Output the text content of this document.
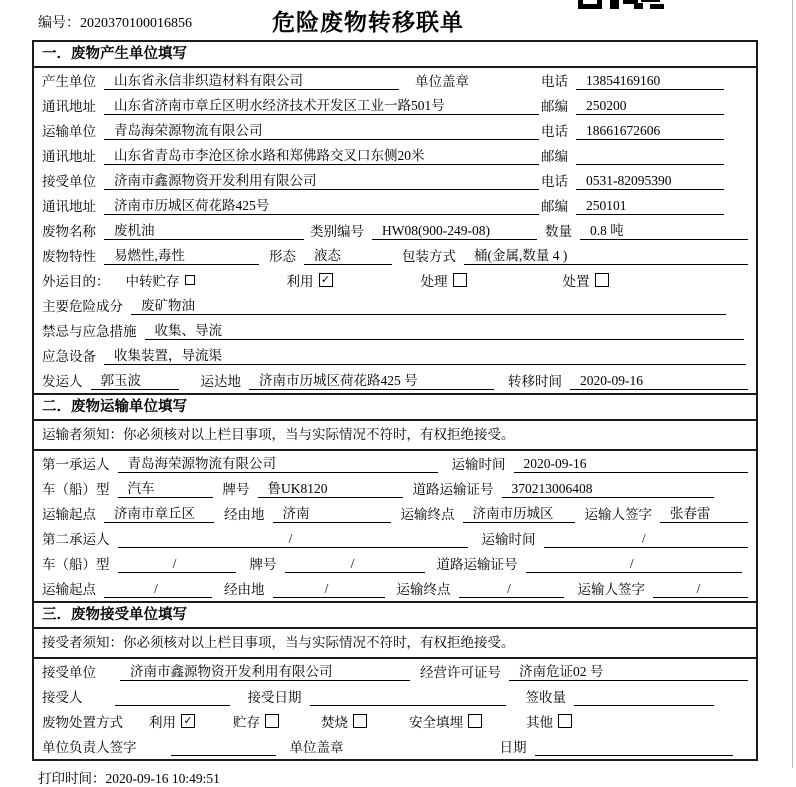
编号：2020370100016856	危险废物转移联单
一．废物产生单位填写
产生单位	山东省永信非织造材料有限公司	单位盖章	电话	13854169160
通讯地址	山东省济南市章丘区明水经济技术开发区工业一路501号	邮编	250200
运输单位	青岛海荣源物流有限公司	电话	18661672606
通讯地址	山东省青岛市李沧区徐水路和郑佛路交叉口东侧20米	邮编
接受单位	济南市鑫源物资开发利用有限公司	电话	0531-82095390
通讯地址	济南市历城区荷花路425号	邮编	250101
废物名称	废机油	类别编号	HW08(900-249-08)	数量	0.8 吨
废物特性	易燃性,毒性	形态	液态	包装方式	桶(金属,数量 4 )
外运目的： 中转贮存	利用 ✓	处理	处置
主要危险成分	废矿物油
禁忌与应急措施	收集、导流
应急设备	收集装置，导流渠
发运人	郭玉波	运达地	济南市历城区荷花路425 号	转移时间	2020-09-16
二．废物运输单位填写
运输者须知：你必须核对以上栏目事项，当与实际情况不符时，有权拒绝接受。
第一承运人	青岛海荣源物流有限公司	运输时间	2020-09-16
车（船）型	汽车	牌号	鲁UK8120	道路运输证号	370213006408
运输起点	济南市章丘区	经由地	济南	运输终点	济南市历城区	运输人签字	张春雷
第二承运人	/	运输时间	/
车（船）型	/	牌号	/	道路运输证号	/
运输起点	/	经由地	/	运输终点	/	运输人签字	/
三．废物接受单位填写
接受者须知：你必须核对以上栏目事项，当与实际情况不符时，有权拒绝接受。
接受单位	济南市鑫源物资开发利用有限公司	经营许可证号	济南危证02 号
接受人	接受日期	签收量
废物处置方式 利用 ✓	贮存	焚烧	安全填埋	其他
单位负责人签字	单位盖章	日期
打印时间：2020-09-16 10:49:51
